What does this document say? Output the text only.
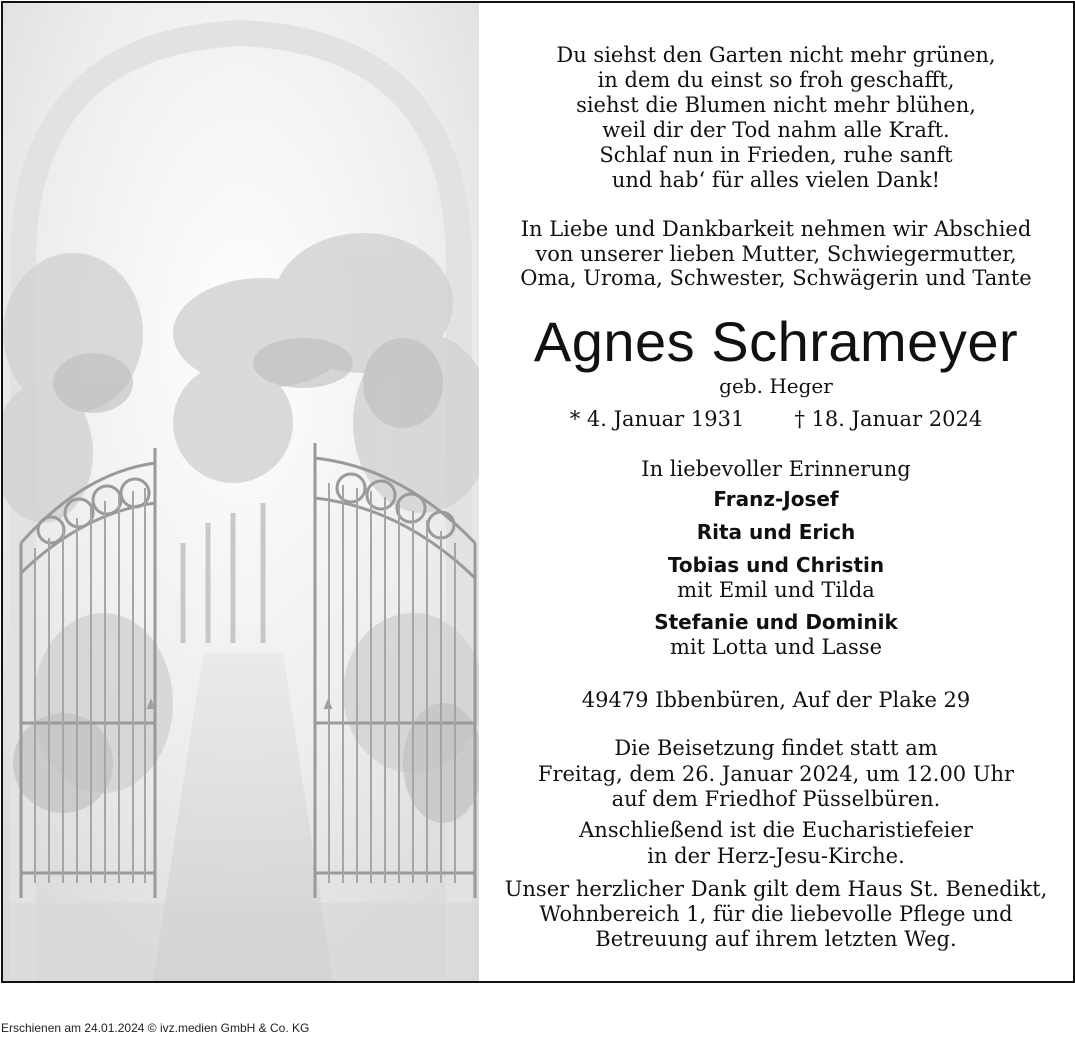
Du siehst den Garten nicht mehr grünen,
in dem du einst so froh geschafft,
siehst die Blumen nicht mehr blühen,
weil dir der Tod nahm alle Kraft.
Schlaf nun in Frieden, ruhe sanft
und hab‘ für alles vielen Dank!
In Liebe und Dankbarkeit nehmen wir Abschied
von unserer lieben Mutter, Schwiegermutter,
Oma, Uroma, Schwester, Schwägerin und Tante
Agnes Schrameyer
geb. Heger
* 4. Januar 1931 † 18. Januar 2024
In liebevoller Erinnerung
Franz-Josef
Rita und Erich
Tobias und Christin
mit Emil und Tilda
Stefanie und Dominik
mit Lotta und Lasse
49479 Ibbenbüren, Auf der Plake 29
Die Beisetzung findet statt am
Freitag, dem 26. Januar 2024, um 12.00 Uhr
auf dem Friedhof Püsselbüren.
Anschließend ist die Eucharistiefeier
in der Herz-Jesu-Kirche.
Unser herzlicher Dank gilt dem Haus St. Benedikt,
Wohnbereich 1, für die liebevolle Pflege und
Betreuung auf ihrem letzten Weg.
Erschienen am 24.01.2024 © ivz.medien GmbH & Co. KG
